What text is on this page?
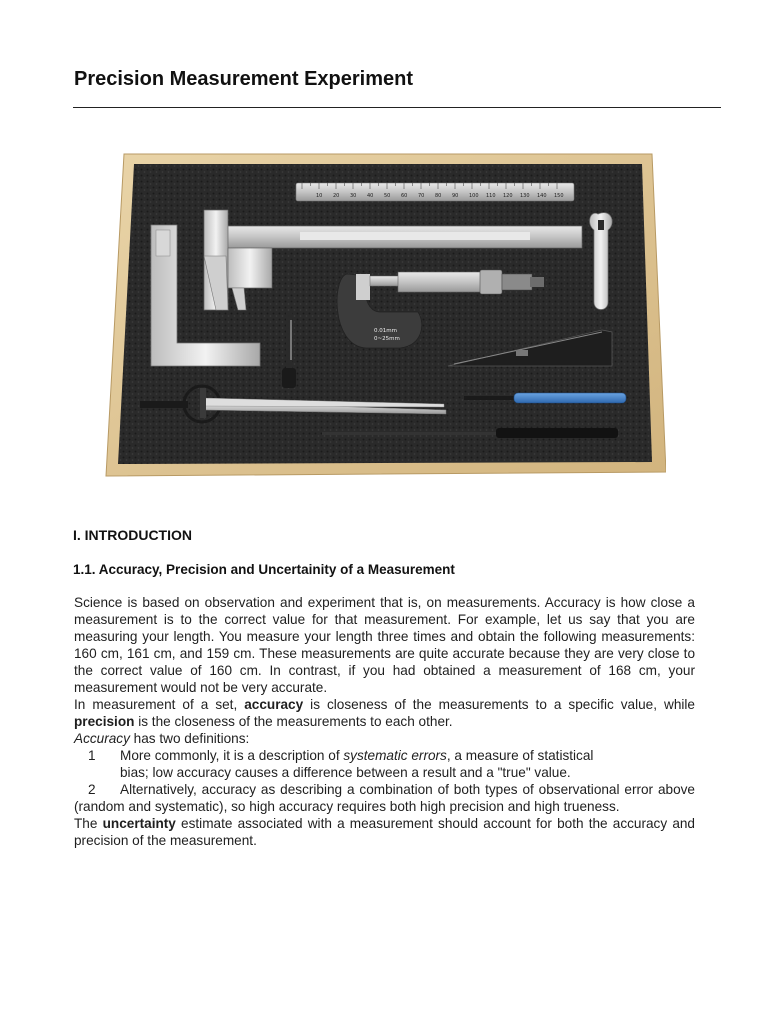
Precision Measurement Experiment
10 20 30 40 50 60 70 80 90 100 110 120 130 140 150
0.01mm
0~25mm
I. INTRODUCTION
1.1. Accuracy, Precision and Uncertainity of a Measurement

Science is based on observation and experiment that is, on measurements. Accuracy is how close a measurement is to the correct value for that measurement. For example, let us say that you are measuring your length. You measure your length three times and obtain the following measurements: 160 cm, 161 cm, and 159 cm. These measurements are quite accurate because they are very close to the correct value of 160 cm. In contrast, if you had obtained a measurement of 168 cm, your measurement would not be very accurate.

In measurement of a set, accuracy is closeness of the measurements to a specific value, while precision is the closeness of the measurements to each other.

Accuracy has two definitions:

1 More commonly, it is a description of systematic errors, a measure of statistical
bias; low accuracy causes a difference between a result and a "true" value.

2 Alternatively, accuracy as describing a combination of both types of observational error above (random and systematic), so high accuracy requires both high precision and high trueness.

The uncertainty estimate associated with a measurement should account for both the accuracy and precision of the measurement.
